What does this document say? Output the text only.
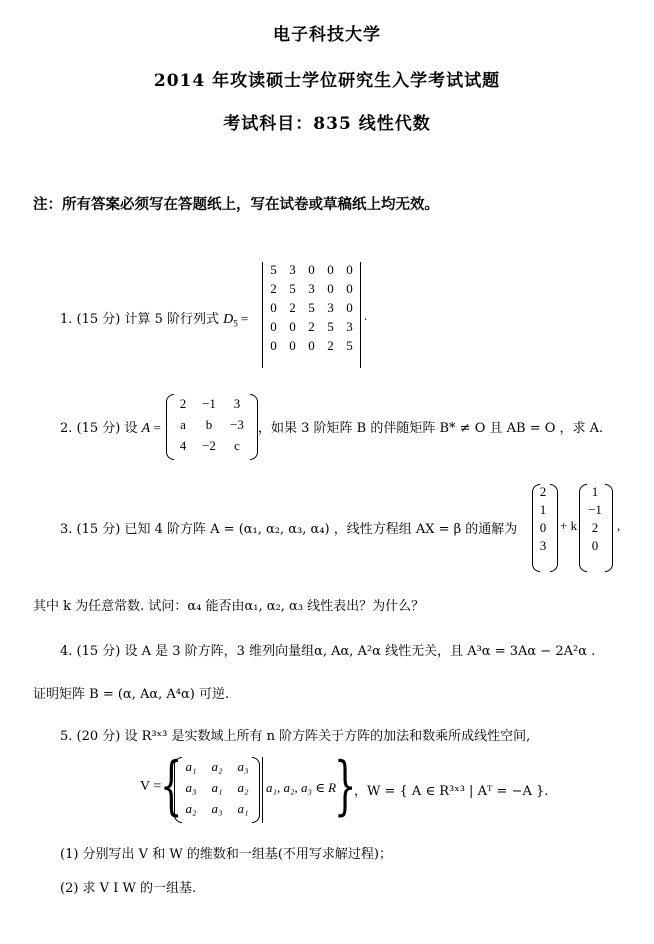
电子科技大学
2014 年攻读硕士学位研究生入学考试试题
考试科目：835 线性代数
注：所有答案必须写在答题纸上，写在试卷或草稿纸上均无效。
1. (15 分) 计算 5 阶行列式 $D_5$ =
5 3 0 0 0
2 5 3 0 0
0 2 5 3 0
0 0 2 5 3
0 0 0 2 5
.
2. (15 分) 设 A =
2	−1	3
a	b	−3
4	−2	c
，如果 3 阶矩阵 B 的伴随矩阵 B* ≠ O 且 AB = O ，求 A.
3. (15 分) 已知 4 阶方阵 A = (α₁, α₂, α₃, α₄) ，线性方程组 AX = β 的通解为
2
1
0
3
+ k
1
−1
2
0
,
其中 k 为任意常数. 试问：α₄ 能否由α₁, α₂, α₃ 线性表出？为什么？
4. (15 分) 设 A 是 3 阶方阵，3 维列向量组α, Aα, A²α 线性无关，且 A³α = 3Aα − 2A²α .
证明矩阵 B = (α, Aα, A⁴α) 可逆.
5. (20 分) 设 R³ˣ³ 是实数域上所有 n 阶方阵关于方阵的加法和数乘所成线性空间,
V =
{ a₁	a₂	a₃
a₃	a₁	a₂
a₂	a₃	a₁
a₁, a₂, a₃ ∈ R
}
，W = { A ∈ R³ˣ³ | Aᵀ = −A }.
(1) 分别写出 V 和 W 的维数和一组基(不用写求解过程)；
(2) 求 V I W 的一组基.
